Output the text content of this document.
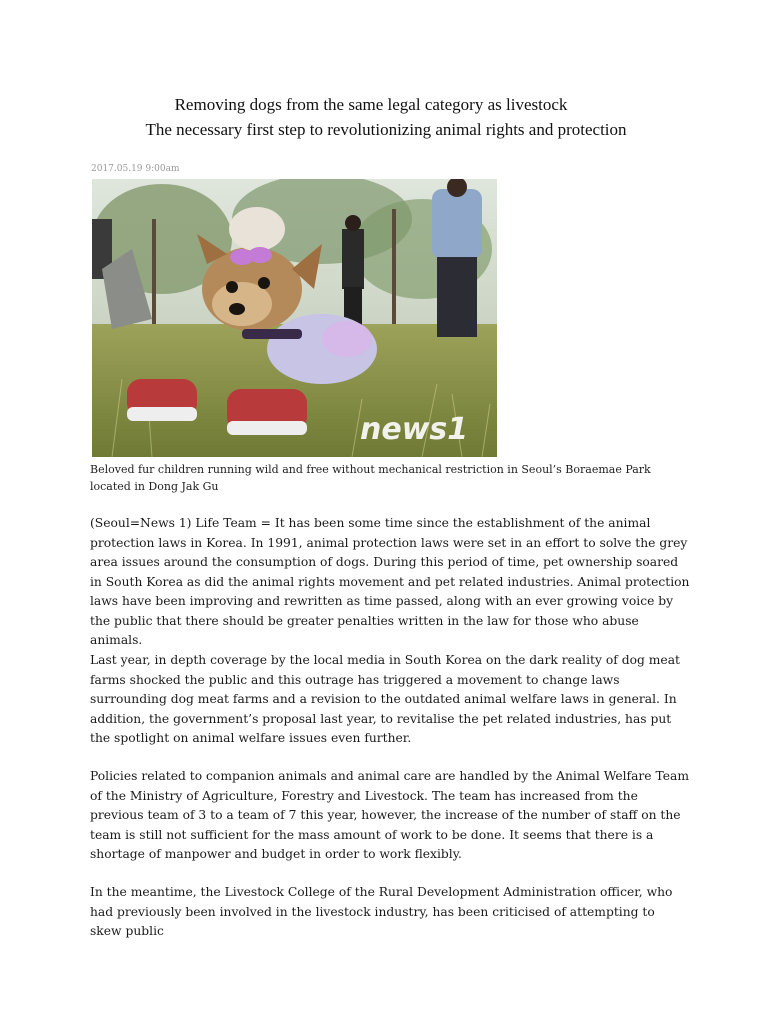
Removing dogs from the same legal category as livestock
The necessary first step to revolutionizing animal rights and protection
2017.05.19 9:00am
news1
Beloved fur children running wild and free without mechanical restriction in Seoul’s Boraemae Park located in Dong Jak Gu

(Seoul=News 1) Life Team = It has been some time since the establishment of the animal protection laws in Korea. In 1991, animal protection laws were set in an effort to solve the grey area issues around the consumption of dogs. During this period of time, pet ownership soared in South Korea as did the animal rights movement and pet related industries. Animal protection laws have been improving and rewritten as time passed, along with an ever growing voice by the public that there should be greater penalties written in the law for those who abuse animals.

Last year, in depth coverage by the local media in South Korea on the dark reality of dog meat farms shocked the public and this outrage has triggered a movement to change laws surrounding dog meat farms and a revision to the outdated animal welfare laws in general. In addition, the government’s proposal last year, to revitalise the pet related industries, has put the spotlight on animal welfare issues even further.

Policies related to companion animals and animal care are handled by the Animal Welfare Team of the Ministry of Agriculture, Forestry and Livestock. The team has increased from the previous team of 3 to a team of 7 this year, however, the increase of the number of staff on the team is still not sufficient for the mass amount of work to be done. It seems that there is a shortage of manpower and budget in order to work flexibly.

In the meantime, the Livestock College of the Rural Development Administration officer, who had previously been involved in the livestock industry, has been criticised of attempting to skew public
